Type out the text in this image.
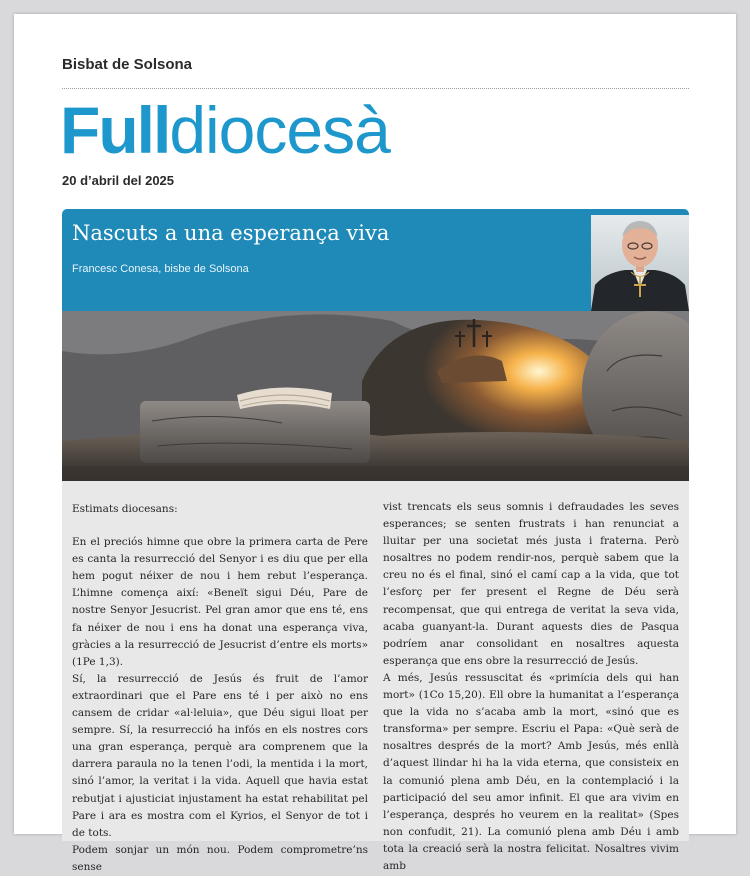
Bisbat de Solsona
Fulldiocesà
20 d’abril del 2025
Nascuts a una esperança viva
Francesc Conesa, bisbe de Solsona

Estimats diocesans:

En el preciós himne que obre la primera carta de Pere es canta la resurrecció del Senyor i es diu que per ella hem pogut néixer de nou i hem rebut l’esperança. L’himne comença així: «Beneït sigui Déu, Pare de nostre Senyor Jesucrist. Pel gran amor que ens té, ens fa néixer de nou i ens ha donat una esperança viva, gràcies a la resurrecció de Jesucrist d’entre els morts» (1Pe 1,3).

Sí, la resurrecció de Jesús és fruit de l’amor extraordinari que el Pare ens té i per això no ens cansem de cridar «al·leluia», que Déu sigui lloat per sempre. Sí, la resurrecció ha infós en els nostres cors una gran esperança, perquè ara comprenem que la darrera paraula no la tenen l’odi, la mentida i la mort, sinó l’amor, la veritat i la vida. Aquell que havia estat rebutjat i ajusticiat injustament ha estat rehabilitat pel Pare i ara es mostra com el Kyrios, el Senyor de tot i de tots.

Podem sonjar un món nou. Podem comprometre’ns sense

vist trencats els seus somnis i defraudades les seves esperances; se senten frustrats i han renunciat a lluitar per una societat més justa i fraterna. Però nosaltres no podem rendir-nos, perquè sabem que la creu no és el final, sinó el camí cap a la vida, que tot l’esforç per fer present el Regne de Déu serà recompensat, que qui entrega de veritat la seva vida, acaba guanyant-la. Durant aquests dies de Pasqua podríem anar consolidant en nosaltres aquesta esperança que ens obre la resurrecció de Jesús.

A més, Jesús ressuscitat és «primícia dels qui han mort» (1Co 15,20). Ell obre la humanitat a l’esperança que la vida no s’acaba amb la mort, «sinó que es transforma» per sempre. Escriu el Papa: «Què serà de nosaltres després de la mort? Amb Jesús, més enllà d’aquest llindar hi ha la vida eterna, que consisteix en la comunió plena amb Déu, en la contemplació i la participació del seu amor infinit. El que ara vivim en l’esperança, després ho veurem en la realitat» (Spes non confudit, 21). La comunió plena amb Déu i amb tota la creació serà la nostra felicitat. Nosaltres vivim amb
